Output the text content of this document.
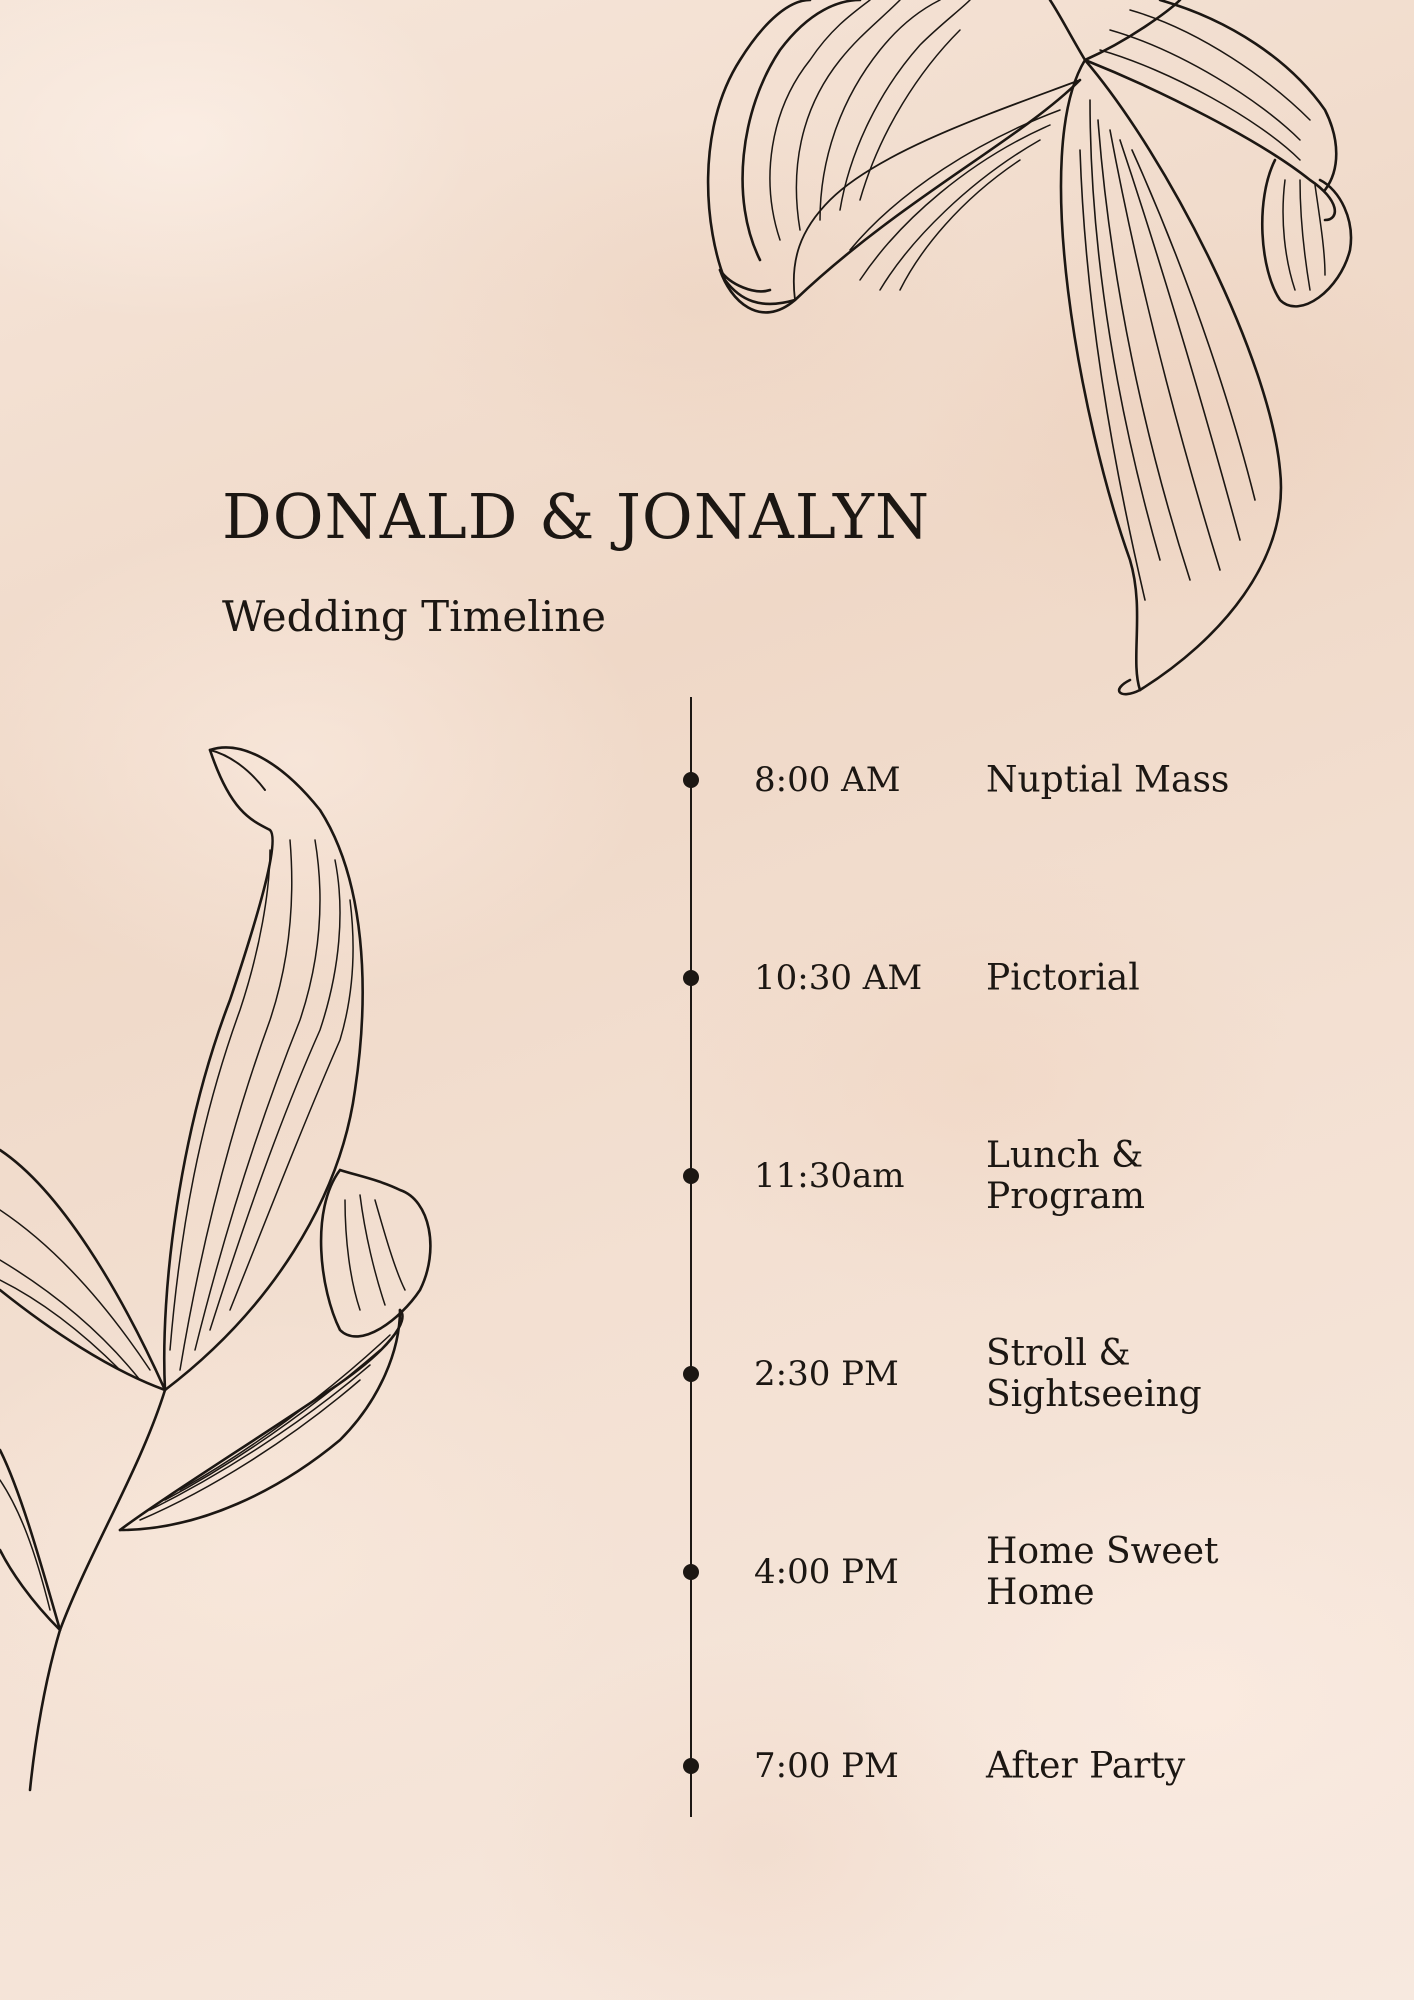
DONALD & JONALYN
Wedding Timeline
8:00 AM Nuptial Mass
10:30 AM Pictorial
11:30am Lunch & Program
2:30 PM Stroll & Sightseeing
4:00 PM Home Sweet Home
7:00 PM After Party
